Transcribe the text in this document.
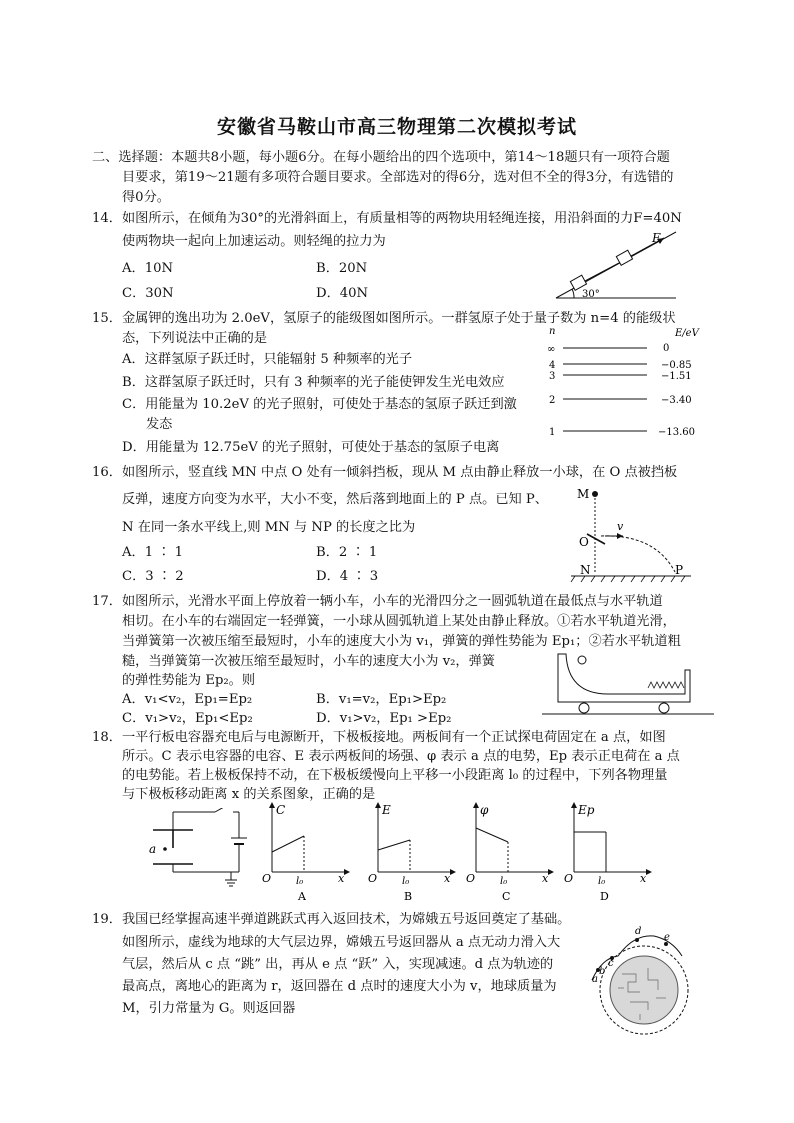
安徽省马鞍山市高三物理第二次模拟考试
二、选择题：本题共8小题，每小题6分。在每小题给出的四个选项中，第14～18题只有一项符合题
目要求，第19～21题有多项符合题目要求。全部选对的得6分，选对但不全的得3分，有选错的
得0分。
14．如图所示，在倾角为30°的光滑斜面上，有质量相等的两物块用轻绳连接，用沿斜面的力F=40N
使两物块一起向上加速运动。则轻绳的拉力为
A．10N	B．20N
C．30N	D．40N
F
30°
15．金属钾的逸出功为 2.0eV，氢原子的能级图如图所示。一群氢原子处于量子数为 n=4 的能级状
态，下列说法中正确的是
A．这群氢原子跃迁时，只能辐射 5 种频率的光子
B．这群氢原子跃迁时，只有 3 种频率的光子能使钾发生光电效应
C．用能量为 10.2eV 的光子照射，可使处于基态的氢原子跃迁到激
发态
D．用能量为 12.75eV 的光子照射，可使处于基态的氢原子电离
n	E/eV
∞	0
4	−0.85
3	−1.51
2	−3.40
1	−13.60
16．如图所示，竖直线 MN 中点 O 处有一倾斜挡板，现从 M 点由静止释放一小球，在 O 点被挡板
反弹，速度方向变为水平，大小不变，然后落到地面上的 P 点。已知 P、
N 在同一条水平线上,则 MN 与 NP 的长度之比为
A．1 ∶ 1	B．2 ∶ 1
C．3 ∶ 2	D．4 ∶ 3
M
O
v
N	P
17．如图所示，光滑水平面上停放着一辆小车，小车的光滑四分之一圆弧轨道在最低点与水平轨道
相切。在小车的右端固定一轻弹簧，一小球从圆弧轨道上某处由静止释放。①若水平轨道光滑，
当弹簧第一次被压缩至最短时，小车的速度大小为 v₁，弹簧的弹性势能为 Ep₁；②若水平轨道粗
糙，当弹簧第一次被压缩至最短时，小车的速度大小为 v₂，弹簧
的弹性势能为 Ep₂。则
A．v₁<v₂，Ep₁=Ep₂	B．v₁=v₂，Ep₁>Ep₂
C．v₁>v₂，Ep₁<Ep₂	D．v₁>v₂，Ep₁ >Ep₂
18．一平行板电容器充电后与电源断开，下极板接地。两板间有一个正试探电荷固定在 a 点，如图
所示。C 表示电容器的电容、E 表示两板间的场强、φ 表示 a 点的电势，Ep 表示正电荷在 a 点
的电势能。若上极板保持不动，在下极板缓慢向上平移一小段距离 l₀ 的过程中，下列各物理量
与下极板移动距离 x 的关系图象，正确的是
a
C
x
O l₀
A
E
x
O l₀
B
φ
x
O l₀
C
Ep
x
O l₀
D
19．我国已经掌握高速半弹道跳跃式再入返回技术，为嫦娥五号返回奠定了基础。
如图所示，虚线为地球的大气层边界，嫦娥五号返回器从 a 点无动力滑入大
气层，然后从 c 点 “跳” 出，再从 e 点 “跃” 入，实现减速。d 点为轨迹的
最高点，离地心的距离为 r，返回器在 d 点时的速度大小为 v，地球质量为
M，引力常量为 G。则返回器
a
b
c
d
e
